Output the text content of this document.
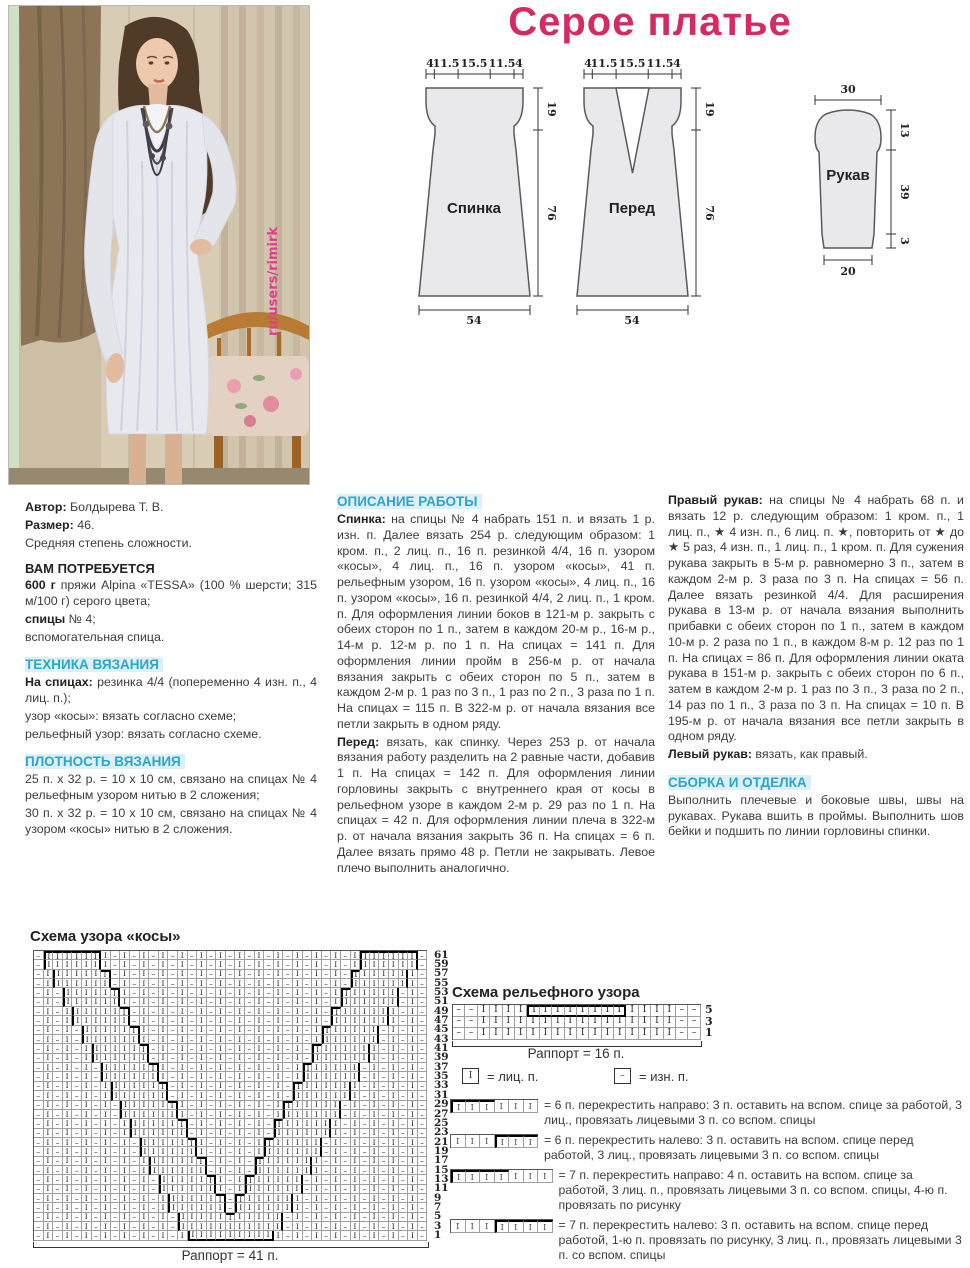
ru/users/rimirk
Серое платье
Спинка
4
11.5 15.5 11.5 4
19
76
54
Перед
4
11.5 15.5 11.5 4
19
76
54
Рукав
30
13
39
3
20

Автор: Болдырева Т. В.

Размер: 46.

Средняя степень сложности.

ВАМ ПОТРЕБУЕТСЯ

600 г пряжи Alpina «TESSA» (100 % шерсти; 315 м/100 г) серого цвета;

спицы № 4;

вспомогательная спица.

ТЕХНИКА ВЯЗАНИЯ

На спицах: резинка 4/4 (попеременно 4 изн. п., 4 лиц. п.);

узор «косы»: вязать согласно схеме;

рельефный узор: вязать согласно схеме.

ПЛОТНОСТЬ ВЯЗАНИЯ

25 п. x 32 р. = 10 x 10 см, связано на спицах № 4 рельефным узором нитью в 2 сложения;

30 п. x 32 р. = 10 x 10 см, связано на спицах № 4 узором «косы» нитью в 2 сложения.

ОПИСАНИЕ РАБОТЫ

Спинка: на спицы № 4 набрать 151 п. и вязать 1 р. изн. п. Далее вязать 254 р. следующим образом: 1 кром. п., 2 лиц. п., 16 п. резинкой 4/4, 16 п. узором «косы», 4 лиц. п., 16 п. узором «косы», 41 п. рельефным узором, 16 п. узором «косы», 4 лиц. п., 16 п. узором «косы», 16 п. резинкой 4/4, 2 лиц. п., 1 кром. п. Для оформления линии боков в 121-м р. закрыть с обеих сторон по 1 п., затем в каждом 20-м р., 16-м р., 14-м р. 12-м р. по 1 п. На спицах = 141 п. Для оформления линии пройм в 256-м р. от начала вязания закрыть с обеих сторон по 5 п., затем в каждом 2-м р. 1 раз по 3 п., 1 раз по 2 п., 3 раза по 1 п. На спицах = 115 п. В 322-м р. от начала вязания все петли закрыть в одном ряду.

Перед: вязать, как спинку. Через 253 р. от начала вязания работу разделить на 2 равные части, добавив 1 п. На спицах = 142 п. Для оформления линии горловины закрыть с внутреннего края от косы в рельефном узоре в каждом 2-м р. 29 раз по 1 п. На спицах = 42 п. Для оформления линии плеча в 322-м р. от начала вязания закрыть 36 п. На спицах = 6 п. Далее вязать прямо 48 р. Петли не закрывать. Левое плечо выполнить аналогично.

Правый рукав: на спицы № 4 набрать 68 п. и вязать 12 р. следующим образом: 1 кром. п., 1 лиц. п., ★ 4 изн. п., 6 лиц. п. ★, повторить от ★ до ★ 5 раз, 4 изн. п., 1 лиц. п., 1 кром. п. Для сужения рукава закрыть в 5-м р. равномерно 3 п., затем в каждом 2-м р. 3 раза по 3 п. На спицах = 56 п. Далее вязать резинкой 4/4. Для расширения рукава в 13-м р. от начала вязания выполнить прибавки с обеих сторон по 1 п., затем в каждом 10-м р. 2 раза по 1 п., в каждом 8-м р. 12 раз по 1 п. На спицах = 86 п. Для оформления линии оката рукава в 151-м р. закрыть с обеих сторон по 6 п., затем в каждом 2-м р. 1 раз по 3 п., 3 раза по 2 п., 14 раз по 1 п., 3 раза по 3 п. На спицах = 10 п. В 195-м р. от начала вязания все петли закрыть в одном ряду.

Левый рукав: вязать, как правый.

СБОРКА И ОТДЕЛКА

Выполнить плечевые и боковые швы, швы на рукавах. Рукава вшить в проймы. Выполнить шов бейки и подшить по линии горловины спинки.

Схема узора «косы»
– I I I I I I I – I – I – I – I – I – I – I – I – I – I – I – I – I	I I I I I I –
– I I I I I I I – I – I – I – I – I – I – I – I – I – I – I – I – I	I I I I I I –
– I	I I I I I I – I – I – I – I – I – I – I – I – I – I – I – I – I I I I I I I –
– I	I I I I I I – I – I – I – I – I – I – I – I – I – I – I – I – I I I I I I I –
– I – I I I I I I I – I – I – I – I – I – I – I – I – I – I – I	I I I I I I – I –
– I – I I I I I I I – I – I – I – I – I – I – I – I – I – I – I	I I I I I I – I –
– I – I	I I I I I I – I – I – I – I – I – I – I – I – I – I – I I I I I I I – I –
– I – I	I I I I I I – I – I – I – I – I – I – I – I – I – I – I I I I I I I – I –
– I – I – I I I I I I I – I – I – I – I – I – I – I – I – I	I I I I I I – I – I –
– I – I – I I I I I I I – I – I – I – I – I – I – I – I – I	I I I I I I – I – I –
– I – I – I	I I I I I I – I – I – I – I – I – I – I – I – I I I I I I I – I – I –
– I – I – I	I I I I I I – I – I – I – I – I – I – I – I – I I I I I I I – I – I –
– I – I – I – I I I I I I I – I – I – I – I – I – I – I	I I I I I I – I – I – I –
– I – I – I – I I I I I I I – I – I – I – I – I – I – I	I I I I I I – I – I – I –
– I – I – I – I	I I I I I I – I – I – I – I – I – I – I I I I I I I – I – I – I –
– I – I – I – I	I I I I I I – I – I – I – I – I – I – I I I I I I I – I – I – I –
– I – I – I – I – I I I I I I I – I – I – I – I – I	I I I I I I – I – I – I – I –
– I – I – I – I – I I I I I I I – I – I – I – I – I	I I I I I I – I – I – I – I –
– I – I – I – I – I	I I I I I I – I – I – I – I – I I I I I I I – I – I – I – I –
– I – I – I – I – I	I I I I I I – I – I – I – I – I I I I I I I – I – I – I – I –
– I – I – I – I – I – I I I I I I I – I – I – I	I I I I I I – I – I – I – I – I –
– I – I – I – I – I – I I I I I I I – I – I – I	I I I I I I – I – I – I – I – I –
– I – I – I – I – I – I	I I I I I I – I – I – I I I I I I I – I – I – I – I – I –
– I – I – I – I – I – I	I I I I I I – I – I – I I I I I I I – I – I – I – I – I –
– I – I – I – I – I – I – I I I I I I I – I	I I I I I I – I – I – I – I – I – I –
– I – I – I – I – I – I – I I I I I I I – I	I I I I I I – I – I – I – I – I – I –
– I – I – I – I – I – I – I	I I I I I I – I I I I I I I – I – I – I – I – I – I –
– I – I – I – I – I – I – I	I I I I I I – I I I I I I I – I – I – I – I – I – I –
– I – I – I – I – I – I – I – I I I I I I I I I I I – I – I – I – I – I – I – I –
– I – I – I – I – I – I – I – I I I I I I I I I I I – I – I – I – I – I – I – I –
– I – I – I – I – I – I – I – I	I I I I I I I I I I – I – I – I – I – I – I – I –
61
59
57
55
53
51
49
47
45
43
41
39
37
35
33
31
29
27
25
23
21
19
17
15
13
11
9
7
5
3
1
Раппорт = 41 п.
Схема рельефного узора
– – I I I I	I I I I I I I I	I I I I – –
– – I I I I I I I I I I I I I I I I – –
– – I I I I I I I I I I I I I I I I – –
5
3
1
Раппорт = 16 п.
I	= лиц. п.	–	= изн. п.
I	I	I	I	I	I = 6 п. перекрестить направо: 3 п. оставить на вспом. спице за работой, 3 лиц., провязать лицевыми 3 п. со вспом. спицы

I	I	I	I	I	I = 6 п. перекрестить налево: 3 п. оставить на вспом. спице перед работой, 3 лиц., провязать лицевыми 3 п. со вспом. спицы

I	I	I	I	I	I	I = 7 п. перекрестить направо: 4 п. оставить на вспом. спице за работой, 3 лиц. п., провязать лицевыми 3 п. со вспом. спицы, 4-ю п. провязать по рисунку

I	I	I	I	I	I	I = 7 п. перекрестить налево: 3 п. оставить на вспом. спице перед работой, 1-ю п. провязать по рисунку, 3 лиц. п., провязать лицевыми 3 п. со вспом. спицы
